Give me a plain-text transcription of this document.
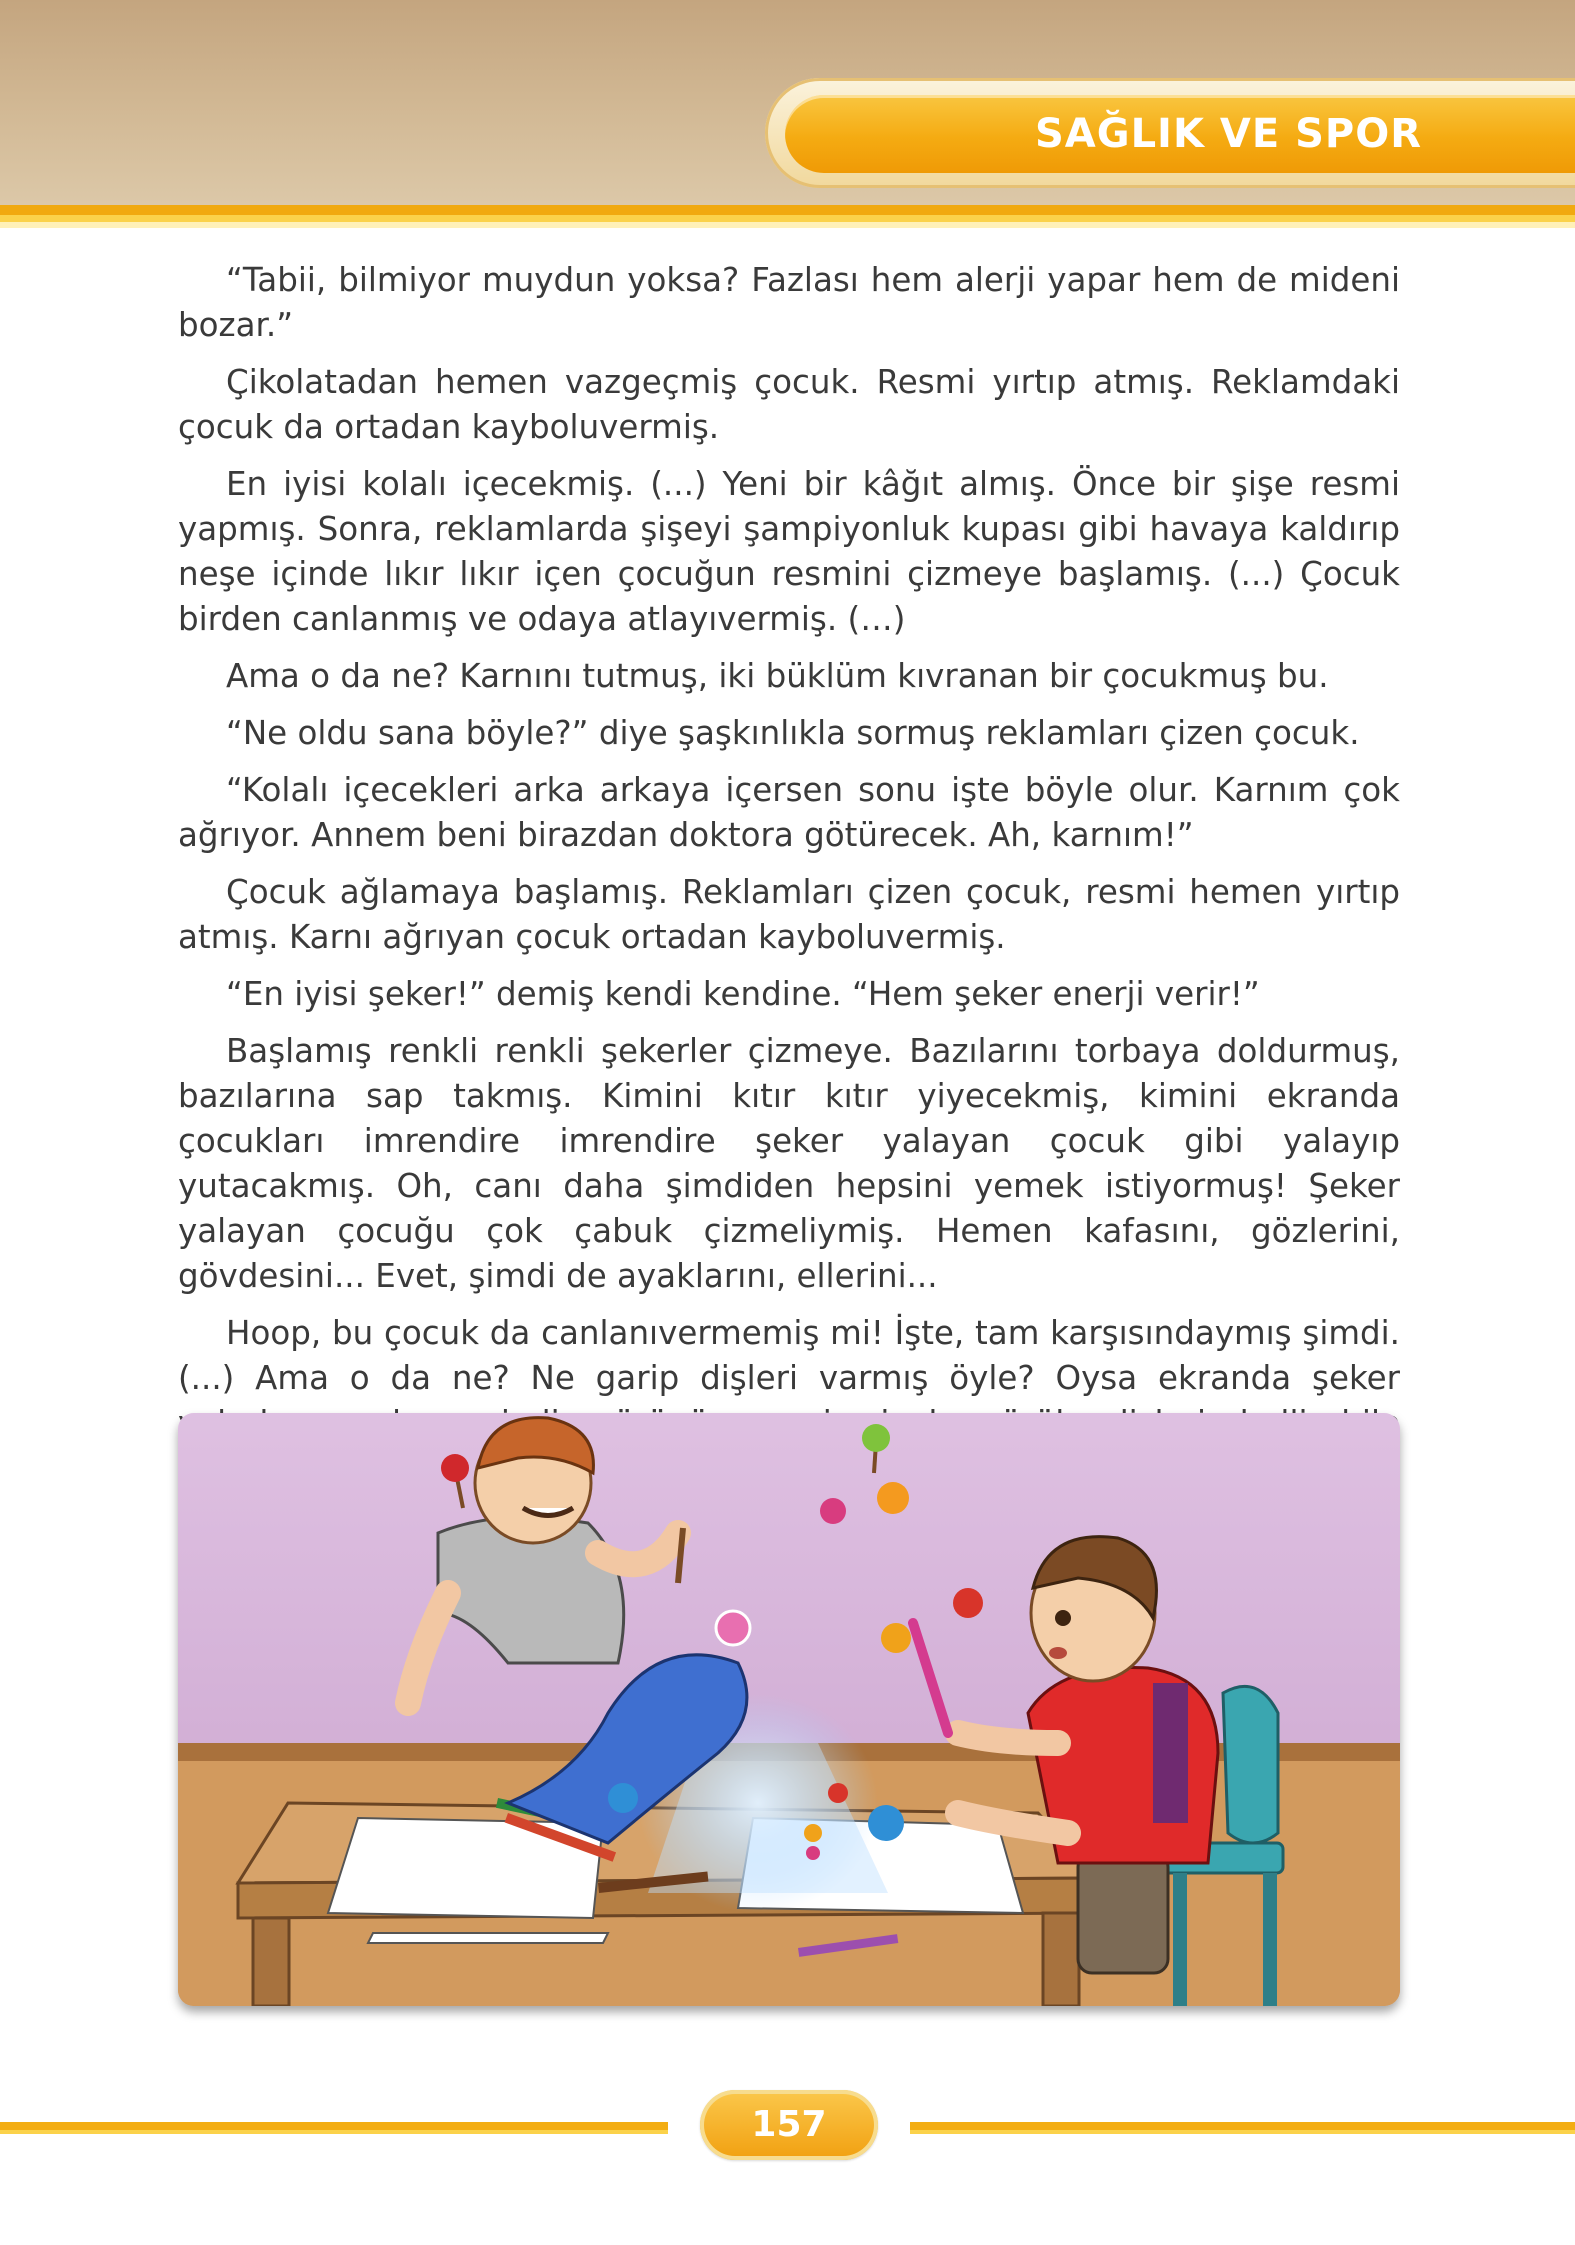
SAĞLIK VE SPOR

“Tabii, bilmiyor muydun yoksa? Fazlası hem alerji yapar hem de mideni bozar.”

Çikolatadan hemen vazgeçmiş çocuk. Resmi yırtıp atmış. Reklamdaki çocuk da ortadan kayboluvermiş.

En iyisi kolalı içecekmiş. (...) Yeni bir kâğıt almış. Önce bir şişe resmi yapmış. Sonra, reklamlarda şişeyi şampiyonluk kupası gibi havaya kaldırıp neşe içinde lıkır lıkır içen çocuğun resmini çizmeye başlamış. (...) Çocuk birden canlanmış ve odaya atlayıvermiş. (…)

Ama o da ne? Karnını tutmuş, iki büklüm kıvranan bir çocukmuş bu.

“Ne oldu sana böyle?” diye şaşkınlıkla sormuş reklamları çizen çocuk.

“Kolalı içecekleri arka arkaya içersen sonu işte böyle olur. Karnım çok ağrıyor. Annem beni birazdan doktora götürecek. Ah, karnım!”

Çocuk ağlamaya başlamış. Reklamları çizen çocuk, resmi hemen yırtıp atmış. Karnı ağrıyan çocuk ortadan kayboluvermiş.

“En iyisi şeker!” demiş kendi kendine. “Hem şeker enerji verir!”

Başlamış renkli renkli şekerler çizmeye. Bazılarını torbaya doldurmuş, bazılarına sap takmış. Kimini kıtır kıtır yiyecekmiş, kimini ekranda çocukları imrendire imrendire şeker yalayan çocuk gibi yalayıp yutacakmış. Oh, canı daha şimdiden hepsini yemek istiyormuş! Şeker yalayan çocuğu çok çabuk çizmeliymiş. Hemen kafasını, gözlerini, gövdesini... Evet, şimdi de ayaklarını, ellerini...

Hoop, bu çocuk da canlanıvermemiş mi! İşte, tam karşısındaymış şimdi. (...) Ama o da ne? Ne garip dişleri varmış öyle? Oysa ekranda şeker

157
